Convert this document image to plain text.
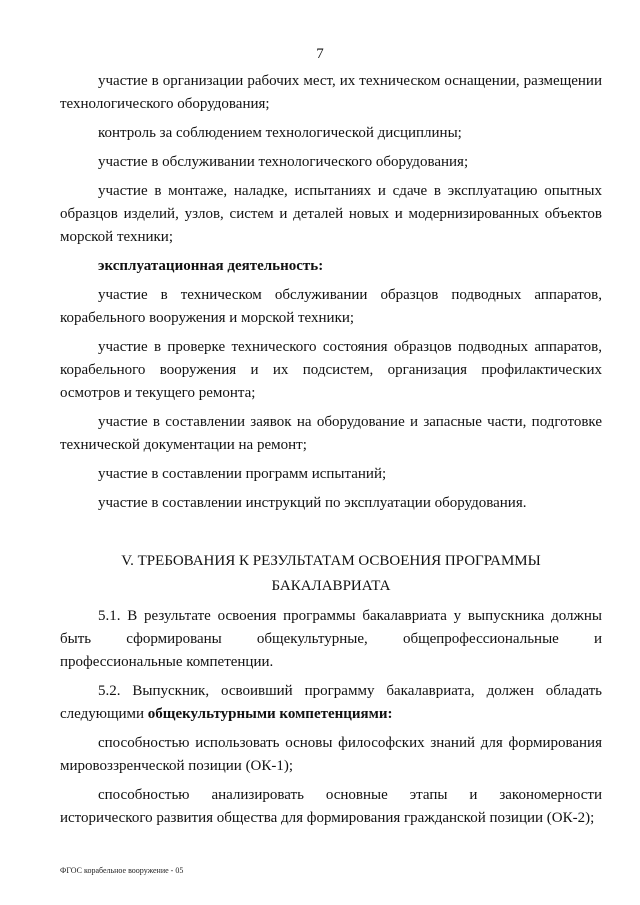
7

участие в организации рабочих мест, их техническом оснащении, размещении технологического оборудования;

контроль за соблюдением технологической дисциплины;

участие в обслуживании технологического оборудования;

участие в монтаже, наладке, испытаниях и сдаче в эксплуатацию опытных образцов изделий, узлов, систем и деталей новых и модернизированных объектов морской техники;

эксплуатационная деятельность:

участие в техническом обслуживании образцов подводных аппаратов, корабельного вооружения и морской техники;

участие в проверке технического состояния образцов подводных аппаратов, корабельного вооружения и их подсистем, организация профилактических осмотров и текущего ремонта;

участие в составлении заявок на оборудование и запасные части, подготовке технической документации на ремонт;

участие в составлении программ испытаний;

участие в составлении инструкций по эксплуатации оборудования.

V. ТРЕБОВАНИЯ К РЕЗУЛЬТАТАМ ОСВОЕНИЯ ПРОГРАММЫ
БАКАЛАВРИАТА

5.1. В результате освоения программы бакалавриата у выпускника должны быть сформированы общекультурные, общепрофессиональные и профессиональные компетенции.

5.2. Выпускник, освоивший программу бакалавриата, должен обладать следующими общекультурными компетенциями:

способностью использовать основы философских знаний для формирования мировоззренческой позиции (ОК-1);

способностью анализировать основные этапы и закономерности исторического развития общества для формирования гражданской позиции (ОК-2);

ФГОС корабельное вооружение - 05
